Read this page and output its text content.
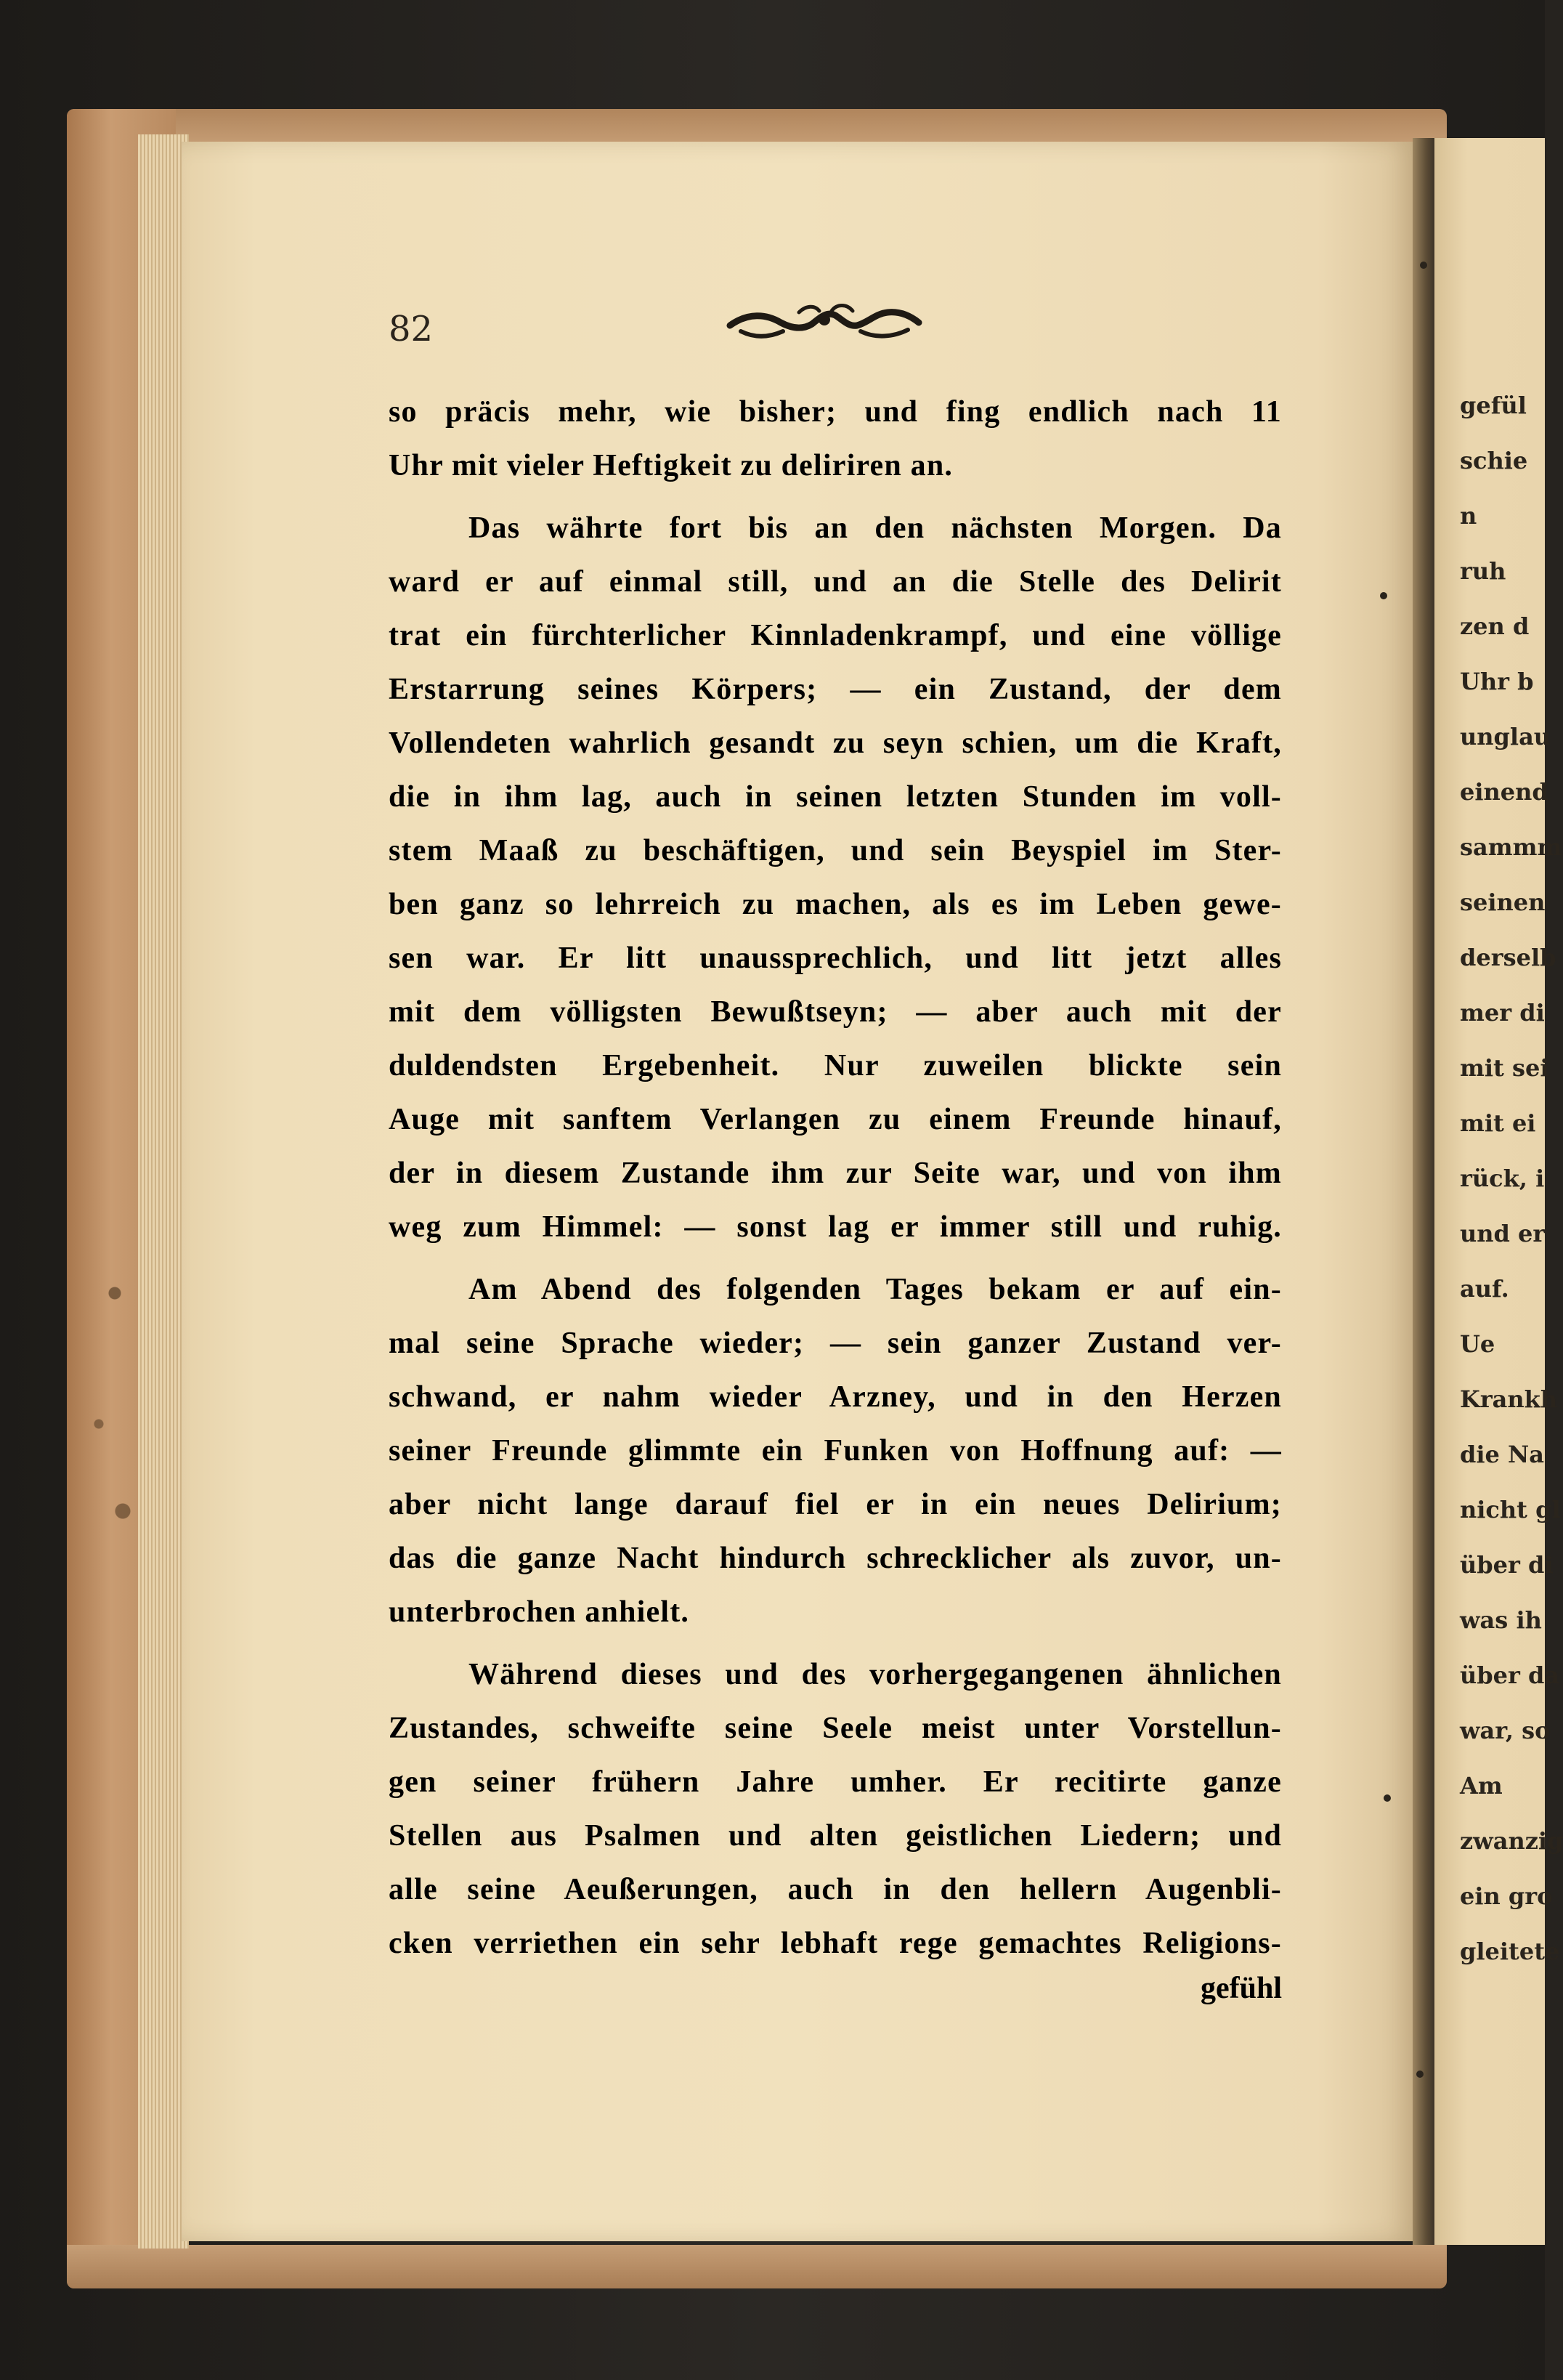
82
so präcis mehr, wie bisher; und fing endlich nach 11
Uhr mit vieler Heftigkeit zu deliriren an.
Das währte fort bis an den nächsten Morgen. Da
ward er auf einmal still, und an die Stelle des Delirit
trat ein fürchterlicher Kinnladenkrampf, und eine völlige
Erstarrung seines Körpers; — ein Zustand, der dem
Vollendeten wahrlich gesandt zu seyn schien, um die Kraft,
die in ihm lag, auch in seinen letzten Stunden im voll-
stem Maaß zu beschäftigen, und sein Beyspiel im Ster-
ben ganz so lehrreich zu machen, als es im Leben gewe-
sen war. Er litt unaussprechlich, und litt jetzt alles
mit dem völligsten Bewußtseyn; — aber auch mit der
duldendsten Ergebenheit. Nur zuweilen blickte sein
Auge mit sanftem Verlangen zu einem Freunde hinauf,
der in diesem Zustande ihm zur Seite war, und von ihm
weg zum Himmel: — sonst lag er immer still und ruhig.
Am Abend des folgenden Tages bekam er auf ein-
mal seine Sprache wieder; — sein ganzer Zustand ver-
schwand, er nahm wieder Arzney, und in den Herzen
seiner Freunde glimmte ein Funken von Hoffnung auf: —
aber nicht lange darauf fiel er in ein neues Delirium;
das die ganze Nacht hindurch schrecklicher als zuvor, un-
unterbrochen anhielt.
Während dieses und des vorhergegangenen ähnlichen
Zustandes, schweifte seine Seele meist unter Vorstellun-
gen seiner frühern Jahre umher. Er recitirte ganze
Stellen aus Psalmen und alten geistlichen Liedern; und
alle seine Aeußerungen, auch in den hellern Augenbli-
cken verriethen ein sehr lebhaft rege gemachtes Religions-
gefühl
gefül
schie
n
ruh
zen d
Uhr b
unglau
einend
sammm
seinen
derselb
mer di
mit sei
mit ei
rück, i
und er
auf.
Ue
Krankh
die Na
nicht gl
über di
was ih
über da
war, so
Am
zwanzig
ein gro
gleitete
